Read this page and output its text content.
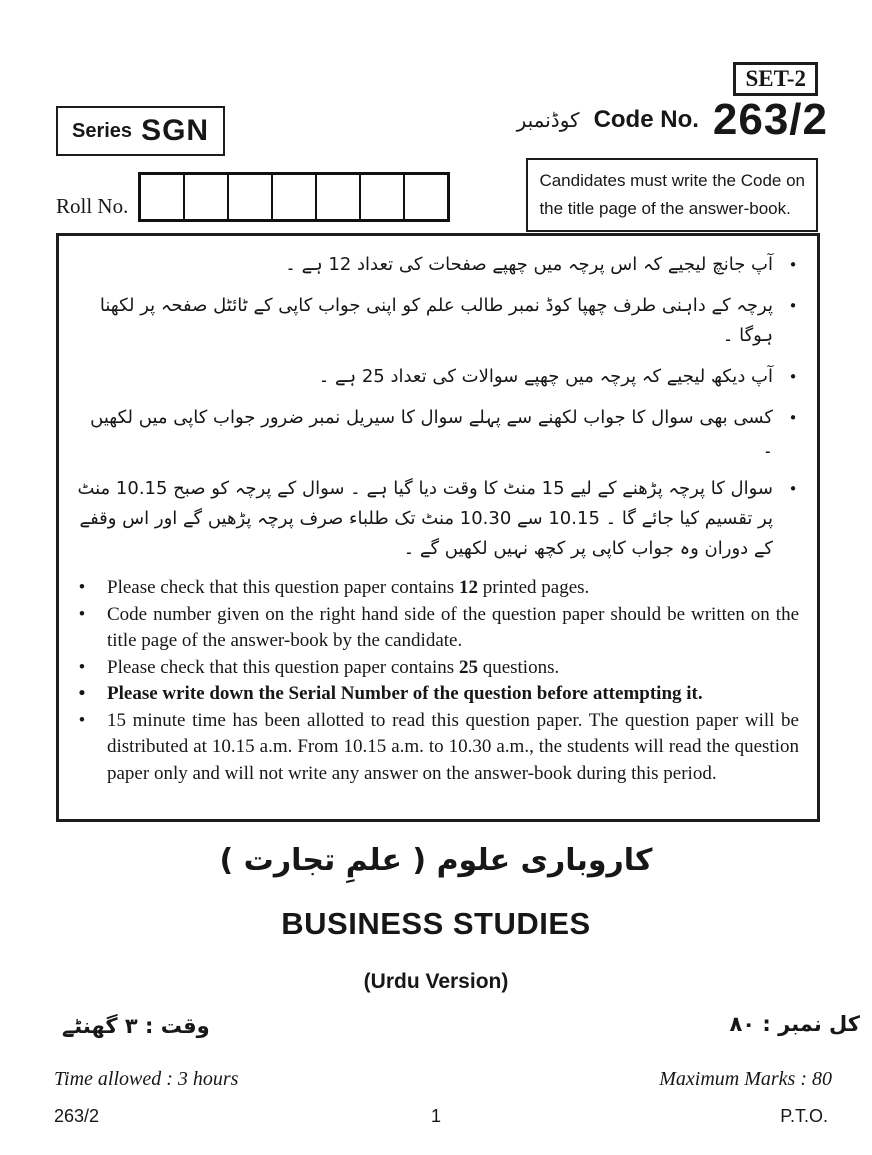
SET-2
Series SGN	کوڈنمبر Code No. 263/2
Candidates must write the Code on
the title page of the answer-book.
Roll No.
•
آپ جانچ لیجیے کہ اس پرچہ میں چھپے صفحات کی تعداد 12 ہے ۔
•
پرچہ کے داہنی طرف چھپا کوڈ نمبر طالب علم کو اپنی جواب کاپی کے ٹائٹل صفحہ پر لکھنا ہوگا ۔
•
آپ دیکھ لیجیے کہ پرچہ میں چھپے سوالات کی تعداد 25 ہے ۔
•
کسی بھی سوال کا جواب لکھنے سے پہلے سوال کا سیریل نمبر ضرور جواب کاپی میں لکھیں ۔
•
سوال کا پرچہ پڑھنے کے لیے 15 منٹ کا وقت دیا گیا ہے ۔ سوال کے پرچہ کو صبح 10.15 منٹ پر تقسیم کیا جائے گا ۔ 10.15 سے 10.30 منٹ تک طلباء صرف پرچہ پڑھیں گے اور اس وقفے کے دوران وہ جواب کاپی پر کچھ نہیں لکھیں گے ۔
• Please check that this question paper contains 12 printed pages.
• Code number given on the right hand side of the question paper should be written on the title page of the answer-book by the candidate.
• Please check that this question paper contains 25 questions.
• Please write down the Serial Number of the question before attempting it.
• 15 minute time has been allotted to read this question paper. The question paper will be distributed at 10.15 a.m. From 10.15 a.m. to 10.30 a.m., the students will read the question paper only and will not write any answer on the answer-book during this period.
کاروباری علوم ( علمِ تجارت )
BUSINESS STUDIES
(Urdu Version)
وقت : ۳ گھنٹے	کل نمبر : ۸۰
Time allowed : 3 hours	Maximum Marks : 80
263/2	1	P.T.O.
